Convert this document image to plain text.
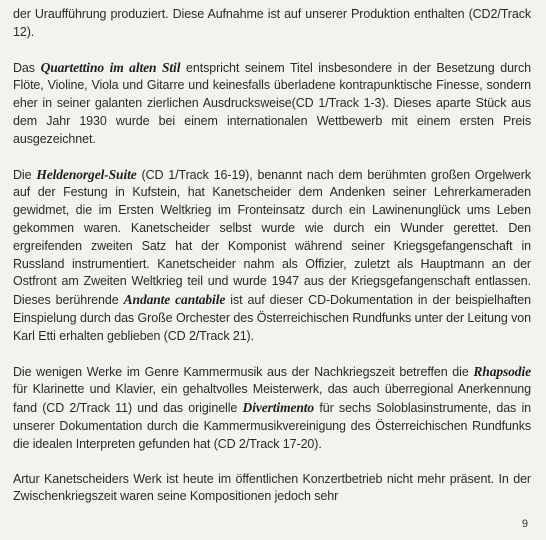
der Uraufführung produziert. Diese Aufnahme ist auf unserer Produktion enthalten (CD2/Track 12).

Das Quartettino im alten Stil entspricht seinem Titel insbesondere in der Besetzung durch Flöte, Violine, Viola und Gitarre und keinesfalls überladene kontrapunktische Finesse, sondern eher in seiner galanten zierlichen Ausdrucksweise(CD 1/Track 1-3). Dieses aparte Stück aus dem Jahr 1930 wurde bei einem internationalen Wettbewerb mit einem ersten Preis ausgezeichnet.

Die Heldenorgel-Suite (CD 1/Track 16-19), benannt nach dem berühmten großen Orgelwerk auf der Festung in Kufstein, hat Kanetscheider dem Andenken seiner Lehrerkameraden gewidmet, die im Ersten Weltkrieg im Fronteinsatz durch ein Lawinenunglück ums Leben gekommen waren. Kanetscheider selbst wurde wie durch ein Wunder gerettet. Den ergreifenden zweiten Satz hat der Komponist während seiner Kriegsgefangenschaft in Russland instrumentiert. Kanetscheider nahm als Offizier, zuletzt als Hauptmann an der Ostfront am Zweiten Weltkrieg teil und wurde 1947 aus der Kriegsgefangenschaft entlassen. Dieses berührende Andante cantabile ist auf dieser CD-Dokumentation in der beispielhaften Einspielung durch das Große Orchester des Österreichischen Rundfunks unter der Leitung von Karl Etti erhalten geblieben (CD 2/Track 21).

Die wenigen Werke im Genre Kammermusik aus der Nachkriegszeit betreffen die Rhapsodie für Klarinette und Klavier, ein gehaltvolles Meisterwerk, das auch überregional Anerkennung fand (CD 2/Track 11) und das originelle Divertimento für sechs Soloblasinstrumente, das in unserer Dokumentation durch die Kammermusikvereinigung des Österreichischen Rundfunks die idealen Interpreten gefunden hat (CD 2/Track 17-20).

Artur Kanetscheiders Werk ist heute im öffentlichen Konzertbetrieb nicht mehr präsent. In der Zwischenkriegszeit waren seine Kompositionen jedoch sehr

9
